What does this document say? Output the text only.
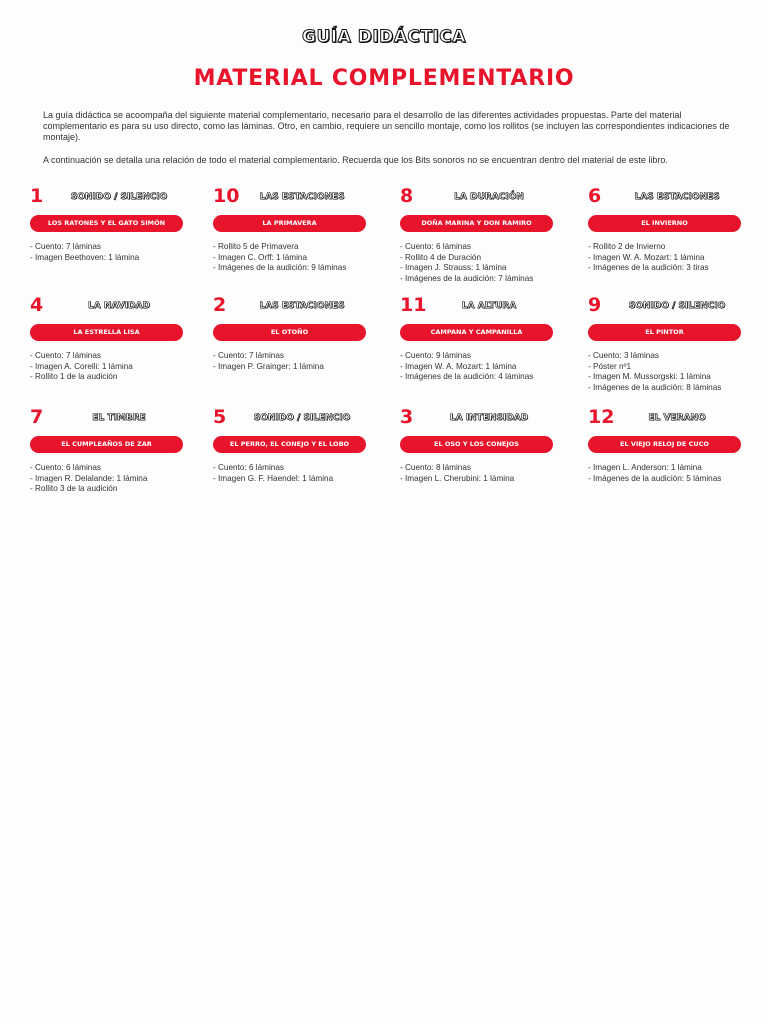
GUÍA DIDÁCTICA
MATERIAL COMPLEMENTARIO

La guía didáctica se acoompaña del siguiente material complementario, necesario para el desarrollo de las diferentes actividades propuestas. Parte del material complementario es para su uso directo, como las láminas. Otro, en cambio, requiere un sencillo montaje, como los rollitos (se incluyen las correspondientes indicaciones de montaje).

A continuación se detalla una relación de todo el material complementario. Recuerda que los Bits sonoros no se encuentran dentro del material de este libro.

1	SONIDO / SILENCIO
LOS RATONES Y EL GATO SIMÓN
- Cuento: 7 láminas
- Imagen Beethoven: 1 lámina
4	LA NAVIDAD
LA ESTRELLA LISA
- Cuento: 7 láminas
- Imagen A. Corelli: 1 lámina
- Rollito 1 de la audición
7	EL TIMBRE
EL CUMPLEAÑOS DE ZAR
- Cuento: 6 láminas
- Imagen R. Delalande: 1 lámina
- Rollito 3 de la audición
10	LAS ESTACIONES
LA PRIMAVERA
- Rollito 5 de Primavera
- Imagen C. Orff: 1 lámina
- Imágenes de la audición: 9 láminas
2	LAS ESTACIONES
EL OTOÑO
- Cuento: 7 láminas
- Imagen P. Grainger: 1 lámina
5	SONIDO / SILENCIO
EL PERRO, EL CONEJO Y EL LOBO
- Cuento: 6 láminas
- Imagen G. F. Haendel: 1 lámina
8	LA DURACIÓN
DOÑA MARINA Y DON RAMIRO
- Cuento: 6 láminas
- Rollito 4 de Duración
- Imagen J. Strauss: 1 lámina
- Imágenes de la audición: 7 láminas
11	LA ALTURA
CAMPANA Y CAMPANILLA
- Cuento: 9 láminas
- Imagen W. A. Mozart: 1 lámina
- Imágenes de la audición: 4 láminas
3	LA INTENSIDAD
EL OSO Y LOS CONEJOS
- Cuento: 8 láminas
- Imagen L. Cherubini: 1 lámina
6	LAS ESTACIONES
EL INVIERNO
- Rollito 2 de Invierno
- Imagen W. A. Mozart: 1 lámina
- Imágenes de la audición: 3 tiras
9	SONIDO / SILENCIO
EL PINTOR
- Cuento: 3 láminas
- Póster nº1
- Imagen M. Mussorgski: 1 lámina
- Imágenes de la audición: 8 láminas
12	EL VERANO
EL VIEJO RELOJ DE CUCO
- Imagen L. Anderson: 1 lámina
- Imágenes de la audición: 5 láminas
